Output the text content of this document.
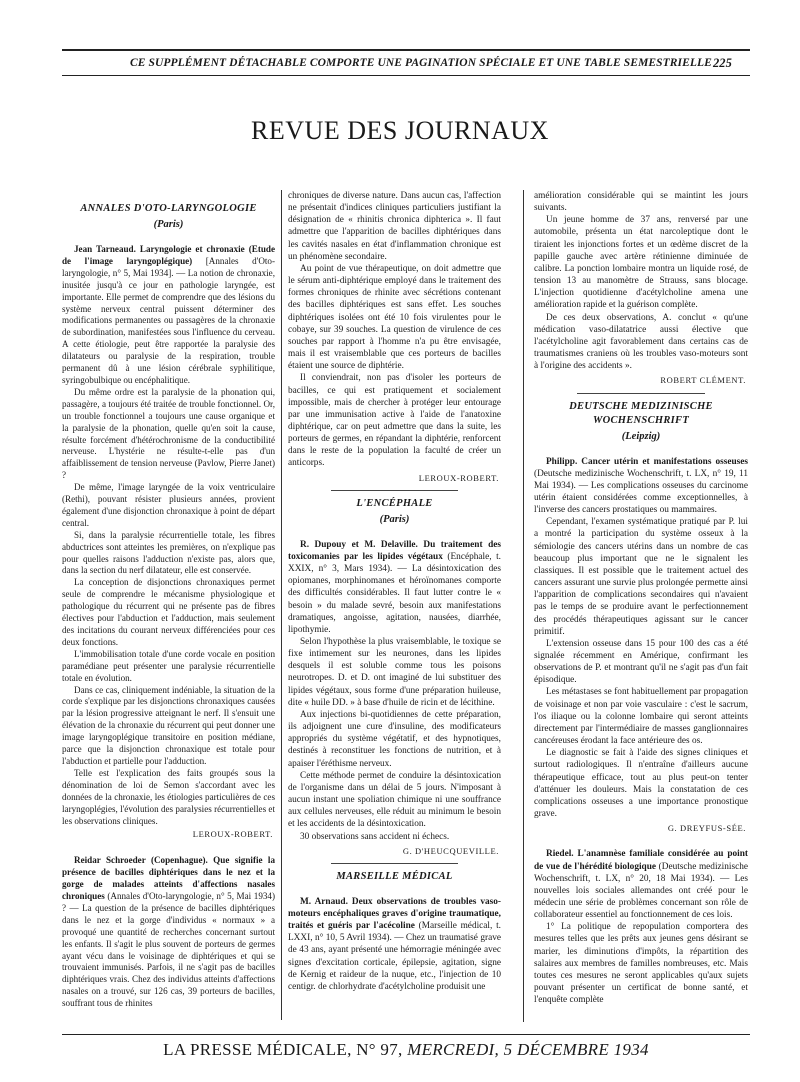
CE SUPPLÉMENT DÉTACHABLE COMPORTE UNE PAGINATION SPÉCIALE ET UNE TABLE SEMESTRIELLE 225
REVUE DES JOURNAUX
ANNALES D'OTO-LARYNGOLOGIE
(Paris)

Jean Tarneaud. Laryngologie et chronaxie (Etude de l'image laryngoplégique) [Annales d'Oto-laryngologie, n° 5, Mai 1934]. — La notion de chronaxie, inusitée jusqu'à ce jour en pathologie laryngée, est importante. Elle permet de comprendre que des lésions du système nerveux central puissent déterminer des modifications permanentes ou passagères de la chronaxie de subordination, manifestées sous l'influence du cerveau. A cette étiologie, peut être rapportée la paralysie des dilatateurs ou paralysie de la respiration, trouble permanent dû à une lésion cérébrale syphilitique, syringobulbique ou encéphalitique.

Du même ordre est la paralysie de la phonation qui, passagère, a toujours été traitée de trouble fonctionnel. Or, un trouble fonctionnel a toujours une cause organique et la paralysie de la phonation, quelle qu'en soit la cause, résulte forcément d'hétérochronisme de la conductibilité nerveuse. L'hystérie ne résulte-t-elle pas d'un affaiblissement de tension nerveuse (Pavlow, Pierre Janet) ?

De même, l'image laryngée de la voix ventriculaire (Rethi), pouvant résister plusieurs années, provient également d'une disjonction chronaxique à point de départ central.

Si, dans la paralysie récurrentielle totale, les fibres abductrices sont atteintes les premières, on n'explique pas pour quelles raisons l'adduction n'existe pas, alors que, dans la section du nerf dilatateur, elle est conservée.

La conception de disjonctions chronaxiques permet seule de comprendre le mécanisme physiologique et pathologique du récurrent qui ne présente pas de fibres électives pour l'abduction et l'adduction, mais seulement des incitations du courant nerveux différenciées pour ces deux fonctions.

L'immobilisation totale d'une corde vocale en position paramédiane peut présenter une paralysie récurrentielle totale en évolution.

Dans ce cas, cliniquement indéniable, la situation de la corde s'explique par les disjonctions chronaxiques causées par la lésion progressive atteignant le nerf. Il s'ensuit une élévation de la chronaxie du récurrent qui peut donner une image laryngoplégique transitoire en position médiane, parce que la disjonction chronaxique est totale pour l'abduction et partielle pour l'adduction.

Telle est l'explication des faits groupés sous la dénomination de loi de Semon s'accordant avec les données de la chronaxie, les étiologies particulières de ces laryngoplégies, l'évolution des paralysies récurrentielles et les observations cliniques.

LEROUX-ROBERT.

Reidar Schroeder (Copenhague). Que signifie la présence de bacilles diphtériques dans le nez et la gorge de malades atteints d'affections nasales chroniques (Annales d'Oto-laryngologie, n° 5, Mai 1934) ? — La question de la présence de bacilles diphtériques dans le nez et la gorge d'individus « normaux » a provoqué une quantité de recherches concernant surtout les enfants. Il s'agit le plus souvent de porteurs de germes ayant vécu dans le voisinage de diphtériques et qui se trouvaient immunisés. Parfois, il ne s'agit pas de bacilles diphtériques vrais. Chez des individus atteints d'affections nasales on a trouvé, sur 126 cas, 39 porteurs de bacilles, souffrant tous de rhinites

chroniques de diverse nature. Dans aucun cas, l'affection ne présentait d'indices cliniques particuliers justifiant la désignation de « rhinitis chronica diphterica ». Il faut admettre que l'apparition de bacilles diphtériques dans les cavités nasales en état d'inflammation chronique est un phénomène secondaire.

Au point de vue thérapeutique, on doit admettre que le sérum anti-diphtérique employé dans le traitement des formes chroniques de rhinite avec sécrétions contenant des bacilles diphtériques est sans effet. Les souches diphtériques isolées ont été 10 fois virulentes pour le cobaye, sur 39 souches. La question de virulence de ces souches par rapport à l'homme n'a pu être envisagée, mais il est vraisemblable que ces porteurs de bacilles étaient une source de diphtérie.

Il conviendrait, non pas d'isoler les porteurs de bacilles, ce qui est pratiquement et socialement impossible, mais de chercher à protéger leur entourage par une immunisation active à l'aide de l'anatoxine diphtérique, car on peut admettre que dans la suite, les porteurs de germes, en répandant la diphtérie, renforcent dans le reste de la population la faculté de créer un anticorps.

LEROUX-ROBERT.
L'ENCÉPHALE
(Paris)

R. Dupouy et M. Delaville. Du traitement des toxicomanies par les lipides végétaux (Encéphale, t. XXIX, n° 3, Mars 1934). — La désintoxication des opiomanes, morphinomanes et héroïnomanes comporte des difficultés considérables. Il faut lutter contre le « besoin » du malade sevré, besoin aux manifestations dramatiques, angoisse, agitation, nausées, diarrhée, lipothymie.

Selon l'hypothèse la plus vraisemblable, le toxique se fixe intimement sur les neurones, dans les lipides desquels il est soluble comme tous les poisons neurotropes. D. et D. ont imaginé de lui substituer des lipides végétaux, sous forme d'une préparation huileuse, dite « huile DD. » à base d'huile de ricin et de lécithine.

Aux injections bi-quotidiennes de cette préparation, ils adjoignent une cure d'insuline, des modificateurs appropriés du système végétatif, et des hypnotiques, destinés à reconstituer les fonctions de nutrition, et à apaiser l'éréthisme nerveux.

Cette méthode permet de conduire la désintoxication de l'organisme dans un délai de 5 jours. N'imposant à aucun instant une spoliation chimique ni une souffrance aux cellules nerveuses, elle réduit au minimum le besoin et les accidents de la désintoxication.

30 observations sans accident ni échecs.

G. D'HEUCQUEVILLE.
MARSEILLE MÉDICAL

M. Arnaud. Deux observations de troubles vaso-moteurs encéphaliques graves d'origine traumatique, traités et guéris par l'acécoline (Marseille médical, t. LXXI, n° 10, 5 Avril 1934). — Chez un traumatisé grave de 43 ans, ayant présenté une hémorragie méningée avec signes d'excitation corticale, épilepsie, agitation, signe de Kernig et raideur de la nuque, etc., l'injection de 10 centigr. de chlorhydrate d'acétylcholine produisit une

amélioration considérable qui se maintint les jours suivants.

Un jeune homme de 37 ans, renversé par une automobile, présenta un état narcoleptique dont le tiraient les injonctions fortes et un œdème discret de la papille gauche avec artère rétinienne diminuée de calibre. La ponction lombaire montra un liquide rosé, de tension 13 au manomètre de Strauss, sans blocage. L'injection quotidienne d'acétylcholine amena une amélioration rapide et la guérison complète.

De ces deux observations, A. conclut « qu'une médication vaso-dilatatrice aussi élective que l'acétylcholine agit favorablement dans certains cas de traumatismes craniens où les troubles vaso-moteurs sont à l'origine des accidents ».

ROBERT CLÉMENT.
DEUTSCHE MEDIZINISCHE WOCHENSCHRIFT
(Leipzig)

Philipp. Cancer utérin et manifestations osseuses (Deutsche medizinische Wochenschrift, t. LX, n° 19, 11 Mai 1934). — Les complications osseuses du carcinome utérin étaient considérées comme exceptionnelles, à l'inverse des cancers prostatiques ou mammaires.

Cependant, l'examen systématique pratiqué par P. lui a montré la participation du système osseux à la sémiologie des cancers utérins dans un nombre de cas beaucoup plus important que ne le signalent les classiques. Il est possible que le traitement actuel des cancers assurant une survie plus prolongée permette ainsi l'apparition de complications secondaires qui n'avaient pas le temps de se produire avant le perfectionnement des procédés thérapeutiques agissant sur le cancer primitif.

L'extension osseuse dans 15 pour 100 des cas a été signalée récemment en Amérique, confirmant les observations de P. et montrant qu'il ne s'agit pas d'un fait épisodique.

Les métastases se font habituellement par propagation de voisinage et non par voie vasculaire : c'est le sacrum, l'os iliaque ou la colonne lombaire qui seront atteints directement par l'intermédiaire de masses ganglionnaires cancéreuses érodant la face antérieure des os.

Le diagnostic se fait à l'aide des signes cliniques et surtout radiologiques. Il n'entraîne d'ailleurs aucune thérapeutique efficace, tout au plus peut-on tenter d'atténuer les douleurs. Mais la constatation de ces complications osseuses a une importance pronostique grave.

G. DREYFUS-SÉE.

Riedel. L'anamnèse familiale considérée au point de vue de l'hérédité biologique (Deutsche medizinische Wochenschrift, t. LX, n° 20, 18 Mai 1934). — Les nouvelles lois sociales allemandes ont créé pour le médecin une série de problèmes concernant son rôle de collaborateur essentiel au fonctionnement de ces lois.

1° La politique de repopulation comportera des mesures telles que les prêts aux jeunes gens désirant se marier, les diminutions d'impôts, la répartition des salaires aux membres de familles nombreuses, etc. Mais toutes ces mesures ne seront applicables qu'aux sujets pouvant présenter un certificat de bonne santé, et l'enquête complète

LA PRESSE MÉDICALE, N° 97, MERCREDI, 5 DÉCEMBRE 1934
